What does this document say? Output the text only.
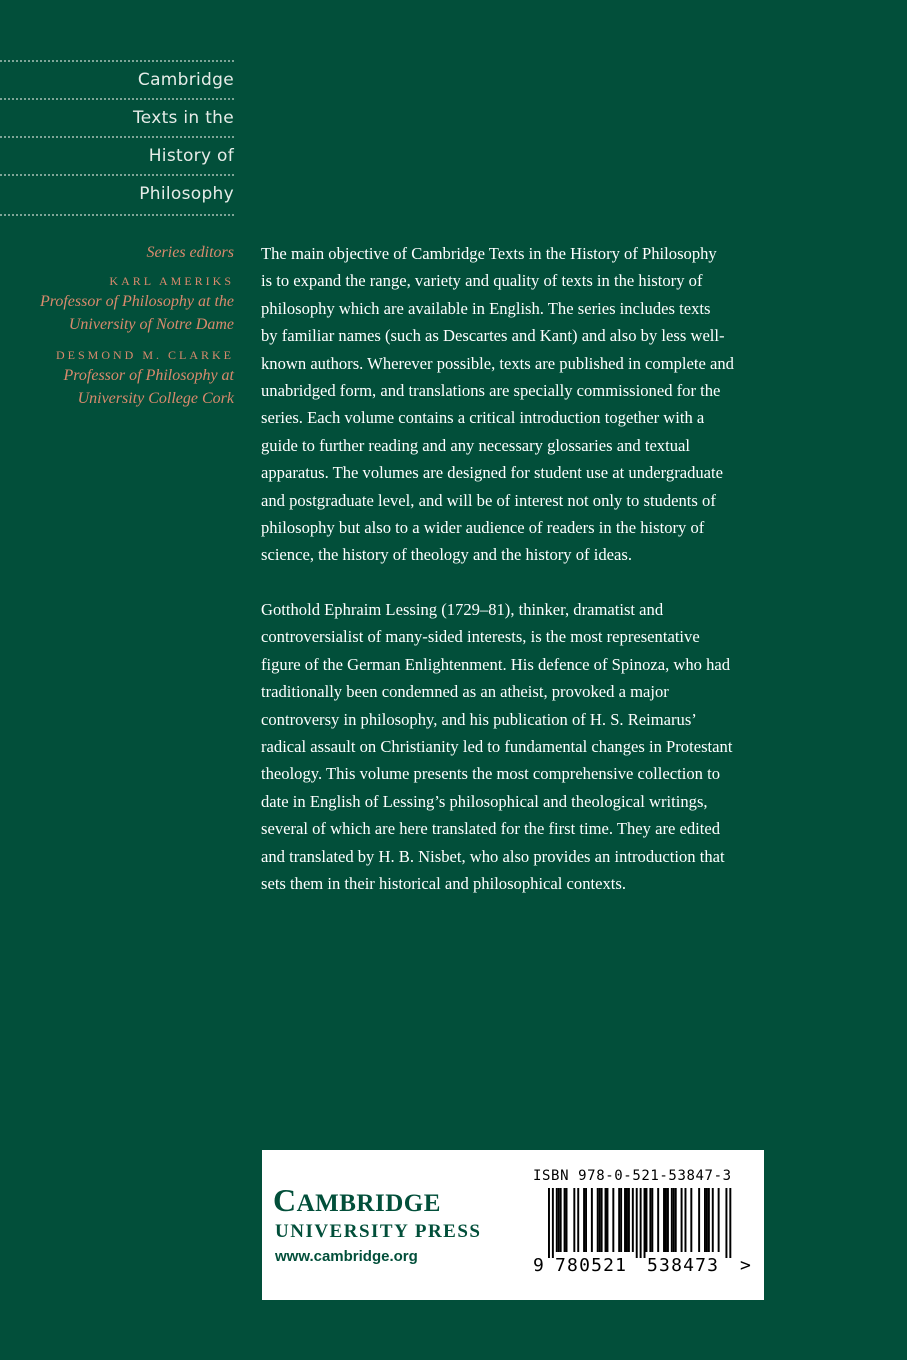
Cambridge
Texts in the
History of
Philosophy
Series editors
KARL AMERIKS
Professor of Philosophy at the
University of Notre Dame
DESMOND M. CLARKE
Professor of Philosophy at
University College Cork

The main objective of Cambridge Texts in the History of Philosophy
is to expand the range, variety and quality of texts in the history of
philosophy which are available in English. The series includes texts
by familiar names (such as Descartes and Kant) and also by less well-
known authors. Wherever possible, texts are published in complete and
unabridged form, and translations are specially commissioned for the
series. Each volume contains a critical introduction together with a
guide to further reading and any necessary glossaries and textual
apparatus. The volumes are designed for student use at undergraduate
and postgraduate level, and will be of interest not only to students of
philosophy but also to a wider audience of readers in the history of
science, the history of theology and the history of ideas.

Gotthold Ephraim Lessing (1729–81), thinker, dramatist and
controversialist of many-sided interests, is the most representative
figure of the German Enlightenment. His defence of Spinoza, who had
traditionally been condemned as an atheist, provoked a major
controversy in philosophy, and his publication of H. S. Reimarus’
radical assault on Christianity led to fundamental changes in Protestant
theology. This volume presents the most comprehensive collection to
date in English of Lessing’s philosophical and theological writings,
several of which are here translated for the first time. They are edited
and translated by H. B. Nisbet, who also provides an introduction that
sets them in their historical and philosophical contexts.

CAMBRIDGE
UNIVERSITY PRESS
www.cambridge.org
ISBN 978-0-521-53847-3
9 780521 538473 >
